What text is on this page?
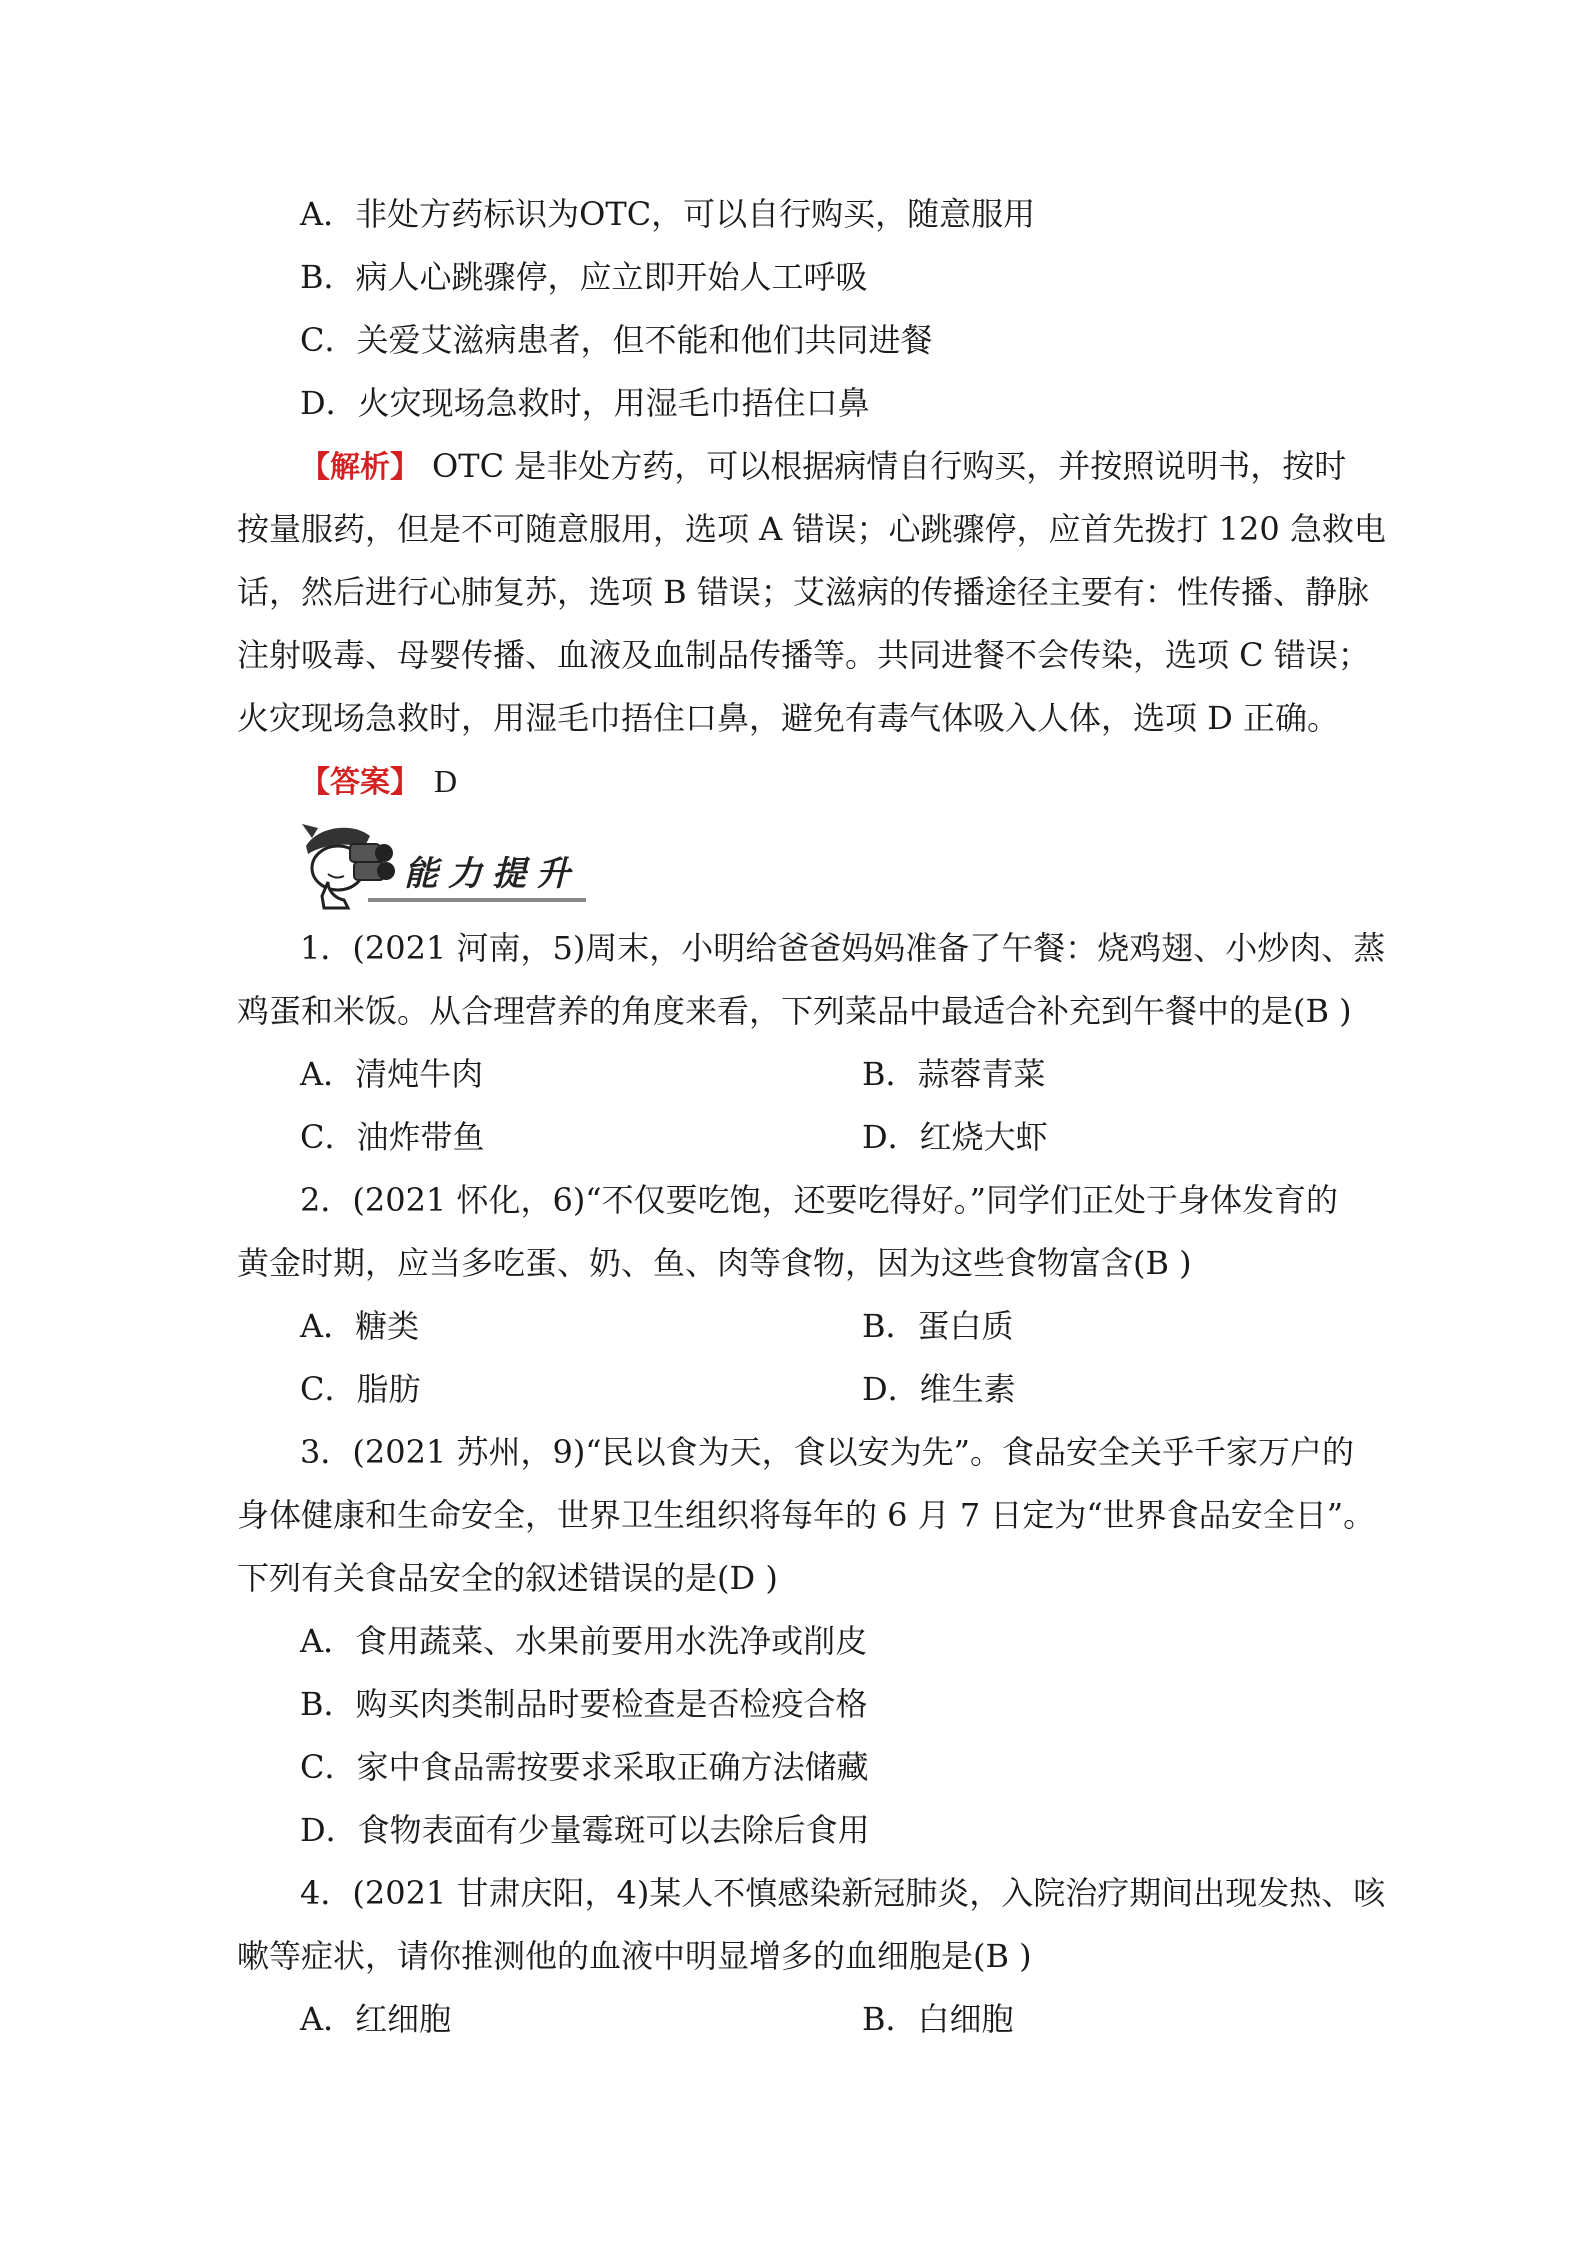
A．非处方药标识为OTC，可以自行购买，随意服用
B．病人心跳骤停，应立即开始人工呼吸
C．关爱艾滋病患者，但不能和他们共同进餐
D．火灾现场急救时，用湿毛巾捂住口鼻
【解析】 OTC 是非处方药，可以根据病情自行购买，并按照说明书，按时
按量服药，但是不可随意服用，选项 A 错误；心跳骤停，应首先拨打 120 急救电
话，然后进行心肺复苏，选项 B 错误；艾滋病的传播途径主要有：性传播、静脉
注射吸毒、母婴传播、血液及血制品传播等。共同进餐不会传染，选项 C 错误；
火灾现场急救时，用湿毛巾捂住口鼻，避免有毒气体吸入人体，选项 D 正确。
【答案】 D
能力提升
1．(2021 河南，5)周末，小明给爸爸妈妈准备了午餐：烧鸡翅、小炒肉、蒸
鸡蛋和米饭。从合理营养的角度来看，下列菜品中最适合补充到午餐中的是(B )
A．清炖牛肉	B．蒜蓉青菜
C．油炸带鱼	D．红烧大虾
2．(2021 怀化，6)“不仅要吃饱，还要吃得好。”同学们正处于身体发育的
黄金时期，应当多吃蛋、奶、鱼、肉等食物，因为这些食物富含(B )
A．糖类	B．蛋白质
C．脂肪	D．维生素
3．(2021 苏州，9)“民以食为天，食以安为先”。食品安全关乎千家万户的
身体健康和生命安全，世界卫生组织将每年的 6 月 7 日定为“世界食品安全日”。
下列有关食品安全的叙述错误的是(D )
A．食用蔬菜、水果前要用水洗净或削皮
B．购买肉类制品时要检查是否检疫合格
C．家中食品需按要求采取正确方法储藏
D．食物表面有少量霉斑可以去除后食用
4．(2021 甘肃庆阳，4)某人不慎感染新冠肺炎，入院治疗期间出现发热、咳
嗽等症状，请你推测他的血液中明显增多的血细胞是(B )
A．红细胞	B．白细胞
